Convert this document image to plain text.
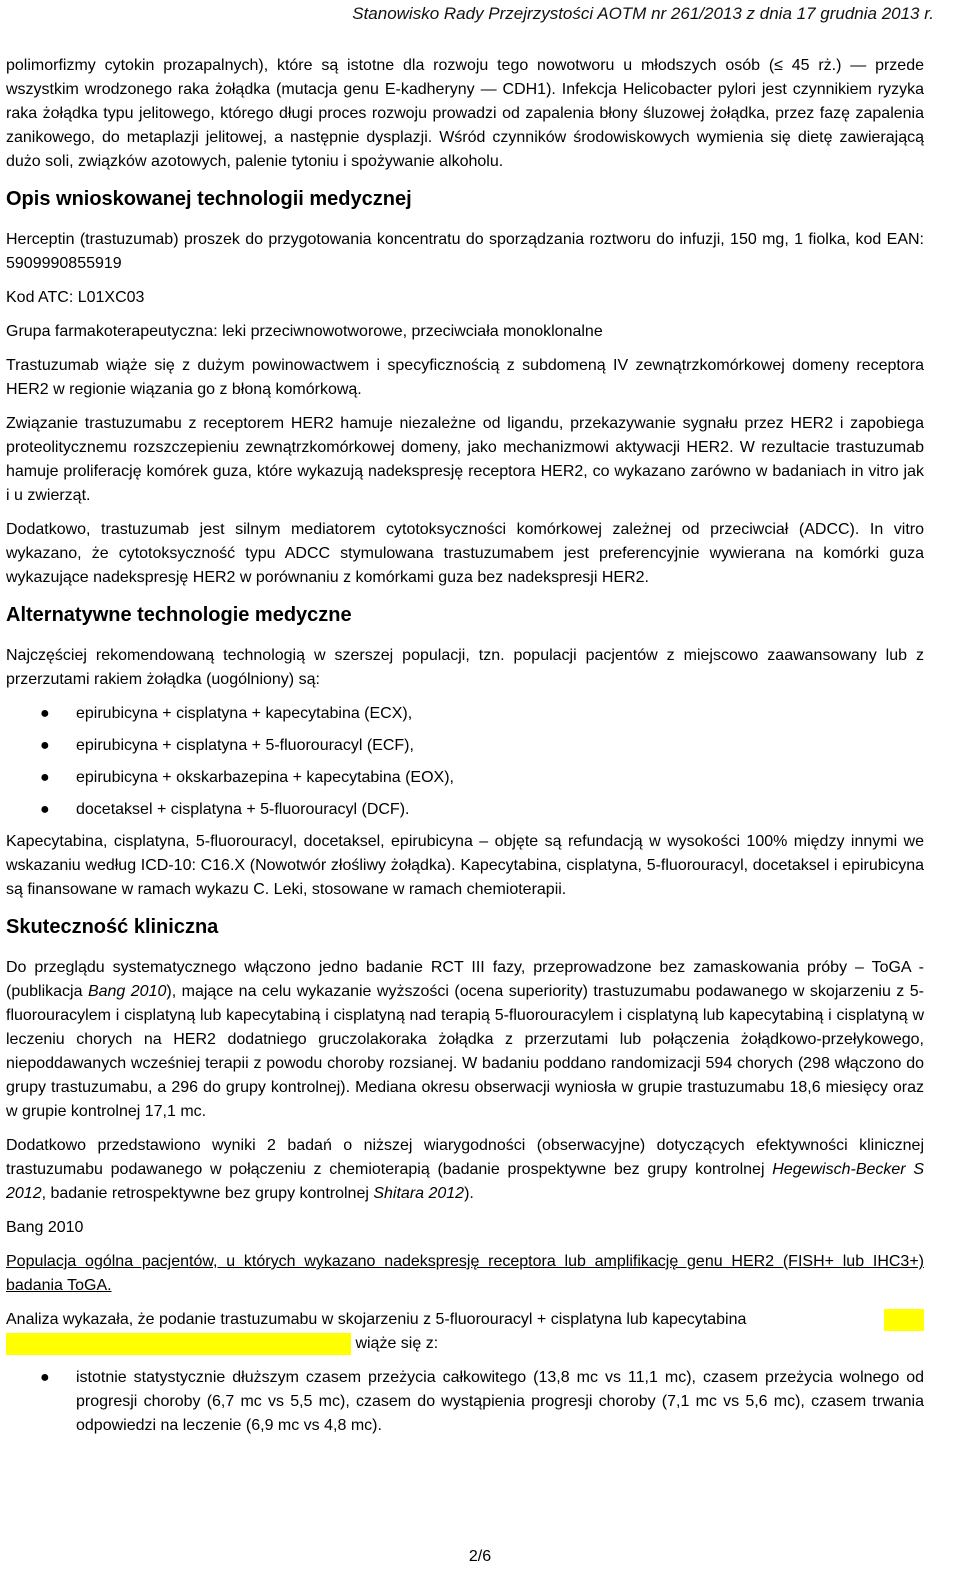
Stanowisko Rady Przejrzystości AOTM nr 261/2013 z dnia 17 grudnia 2013 r.

polimorfizmy cytokin prozapalnych), które są istotne dla rozwoju tego nowotworu u młodszych osób (≤ 45 rż.) — przede wszystkim wrodzonego raka żołądka (mutacja genu E-kadheryny — CDH1). Infekcja Helicobacter pylori jest czynnikiem ryzyka raka żołądka typu jelitowego, którego długi proces rozwoju prowadzi od zapalenia błony śluzowej żołądka, przez fazę zapalenia zanikowego, do metaplazji jelitowej, a następnie dysplazji. Wśród czynników środowiskowych wymienia się dietę zawierającą dużo soli, związków azotowych, palenie tytoniu i spożywanie alkoholu.

Opis wnioskowanej technologii medycznej

Herceptin (trastuzumab) proszek do przygotowania koncentratu do sporządzania roztworu do infuzji, 150 mg, 1 fiolka, kod EAN: 5909990855919

Kod ATC: L01XC03

Grupa farmakoterapeutyczna: leki przeciwnowotworowe, przeciwciała monoklonalne

Trastuzumab wiąże się z dużym powinowactwem i specyficznością z subdomeną IV zewnątrzkomórkowej domeny receptora HER2 w regionie wiązania go z błoną komórkową.

Związanie trastuzumabu z receptorem HER2 hamuje niezależne od ligandu, przekazywanie sygnału przez HER2 i zapobiega proteolitycznemu rozszczepieniu zewnątrzkomórkowej domeny, jako mechanizmowi aktywacji HER2. W rezultacie trastuzumab hamuje proliferację komórek guza, które wykazują nadekspresję receptora HER2, co wykazano zarówno w badaniach in vitro jak i u zwierząt.

Dodatkowo, trastuzumab jest silnym mediatorem cytotoksyczności komórkowej zależnej od przeciwciał (ADCC). In vitro wykazano, że cytotoksyczność typu ADCC stymulowana trastuzumabem jest preferencyjnie wywierana na komórki guza wykazujące nadekspresję HER2 w porównaniu z komórkami guza bez nadekspresji HER2.

Alternatywne technologie medyczne

Najczęściej rekomendowaną technologią w szerszej populacji, tzn. populacji pacjentów z miejscowo zaawansowany lub z przerzutami rakiem żołądka (uogólniony) są:

● epirubicyna + cisplatyna + kapecytabina (ECX),
● epirubicyna + cisplatyna + 5-fluorouracyl (ECF),
● epirubicyna + okskarbazepina + kapecytabina (EOX),
● docetaksel + cisplatyna + 5-fluorouracyl (DCF).

Kapecytabina, cisplatyna, 5-fluorouracyl, docetaksel, epirubicyna – objęte są refundacją w wysokości 100% między innymi we wskazaniu według ICD-10: C16.X (Nowotwór złośliwy żołądka). Kapecytabina, cisplatyna, 5-fluorouracyl, docetaksel i epirubicyna są finansowane w ramach wykazu C. Leki, stosowane w ramach chemioterapii.

Skuteczność kliniczna

Do przeglądu systematycznego włączono jedno badanie RCT III fazy, przeprowadzone bez zamaskowania próby – ToGA - (publikacja Bang 2010), mające na celu wykazanie wyższości (ocena superiority) trastuzumabu podawanego w skojarzeniu z 5-fluorouracylem i cisplatyną lub kapecytabiną i cisplatyną nad terapią 5-fluorouracylem i cisplatyną lub kapecytabiną i cisplatyną w leczeniu chorych na HER2 dodatniego gruczolakoraka żołądka z przerzutami lub połączenia żołądkowo-przełykowego, niepoddawanych wcześniej terapii z powodu choroby rozsianej. W badaniu poddano randomizacji 594 chorych (298 włączono do grupy trastuzumabu, a 296 do grupy kontrolnej). Mediana okresu obserwacji wyniosła w grupie trastuzumabu 18,6 miesięcy oraz w grupie kontrolnej 17,1 mc.

Dodatkowo przedstawiono wyniki 2 badań o niższej wiarygodności (obserwacyjne) dotyczących efektywności klinicznej trastuzumabu podawanego w połączeniu z chemioterapią (badanie prospektywne bez grupy kontrolnej Hegewisch-Becker S 2012, badanie retrospektywne bez grupy kontrolnej Shitara 2012).

Bang 2010

Populacja ogólna pacjentów, u których wykazano nadekspresję receptora lub amplifikację genu HER2 (FISH+ lub IHC3+) badania ToGA.

Analiza wykazała, że podanie trastuzumabu w skojarzeniu z 5-fluorouracyl + cisplatyna lub kapecytabina
wiąże się z:

● istotnie statystycznie dłuższym czasem przeżycia całkowitego (13,8 mc vs 11,1 mc), czasem przeżycia wolnego od progresji choroby (6,7 mc vs 5,5 mc), czasem do wystąpienia progresji choroby (7,1 mc vs 5,6 mc), czasem trwania odpowiedzi na leczenie (6,9 mc vs 4,8 mc).
2/6
